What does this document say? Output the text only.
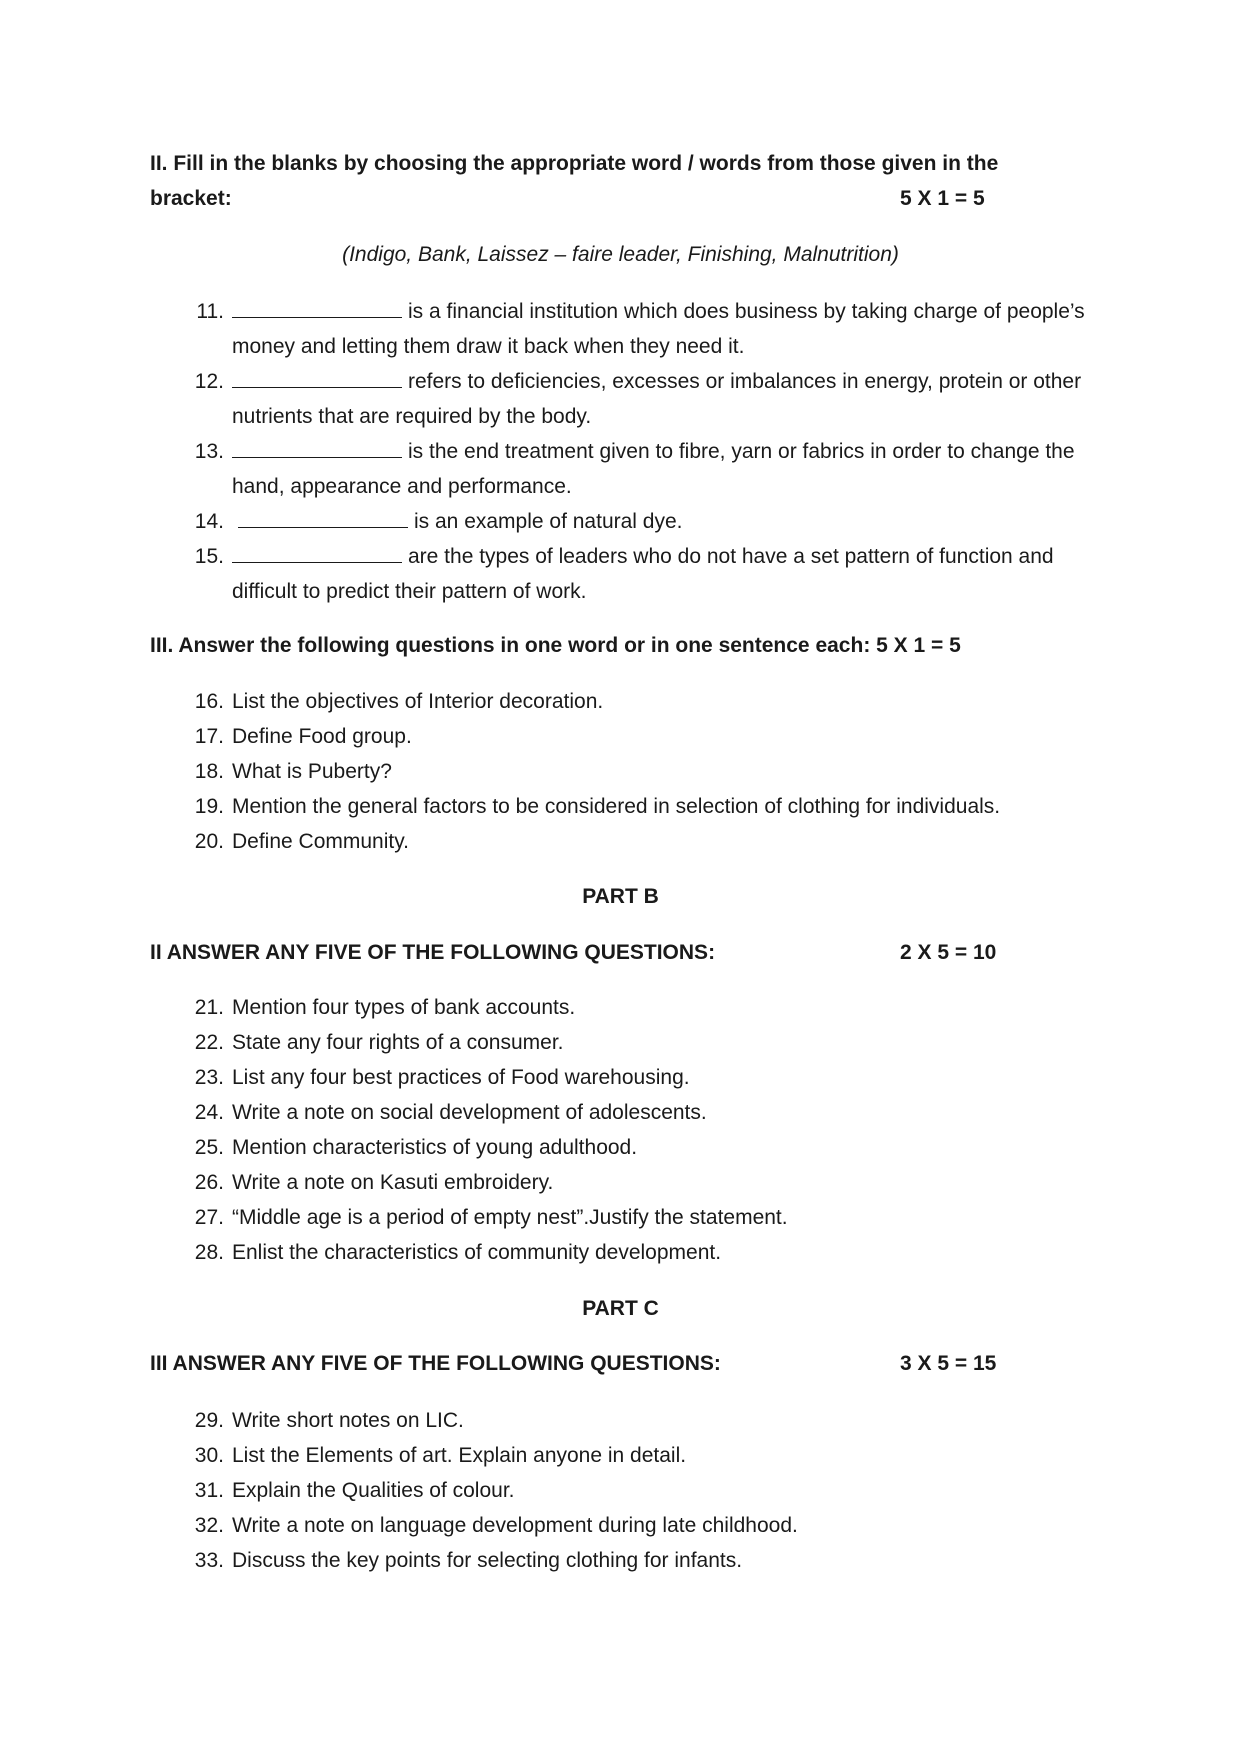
II. Fill in the blanks by choosing the appropriate word / words from those given in the
bracket:	5 X 1 = 5
(Indigo, Bank, Laissez – faire leader, Finishing, Malnutrition)
11.	is a financial institution which does business by taking charge of people’s money and letting them draw it back when they need it.
12.	refers to deficiencies, excesses or imbalances in energy, protein or other nutrients that are required by the body.
13.	is the end treatment given to fibre, yarn or fabrics in order to change the hand, appearance and performance.
14.	is an example of natural dye.
15.	are the types of leaders who do not have a set pattern of function and difficult to predict their pattern of work.
III. Answer the following questions in one word or in one sentence each: 5 X 1 = 5
16. List the objectives of Interior decoration.
17. Define Food group.
18. What is Puberty?
19. Mention the general factors to be considered in selection of clothing for individuals.
20. Define Community.
PART B
II ANSWER ANY FIVE OF THE FOLLOWING QUESTIONS:	2 X 5 = 10
21. Mention four types of bank accounts.
22. State any four rights of a consumer.
23. List any four best practices of Food warehousing.
24. Write a note on social development of adolescents.
25. Mention characteristics of young adulthood.
26. Write a note on Kasuti embroidery.
27. “Middle age is a period of empty nest”.Justify the statement.
28. Enlist the characteristics of community development.
PART C
III ANSWER ANY FIVE OF THE FOLLOWING QUESTIONS:	3 X 5 = 15
29. Write short notes on LIC.
30. List the Elements of art. Explain anyone in detail.
31. Explain the Qualities of colour.
32. Write a note on language development during late childhood.
33. Discuss the key points for selecting clothing for infants.
